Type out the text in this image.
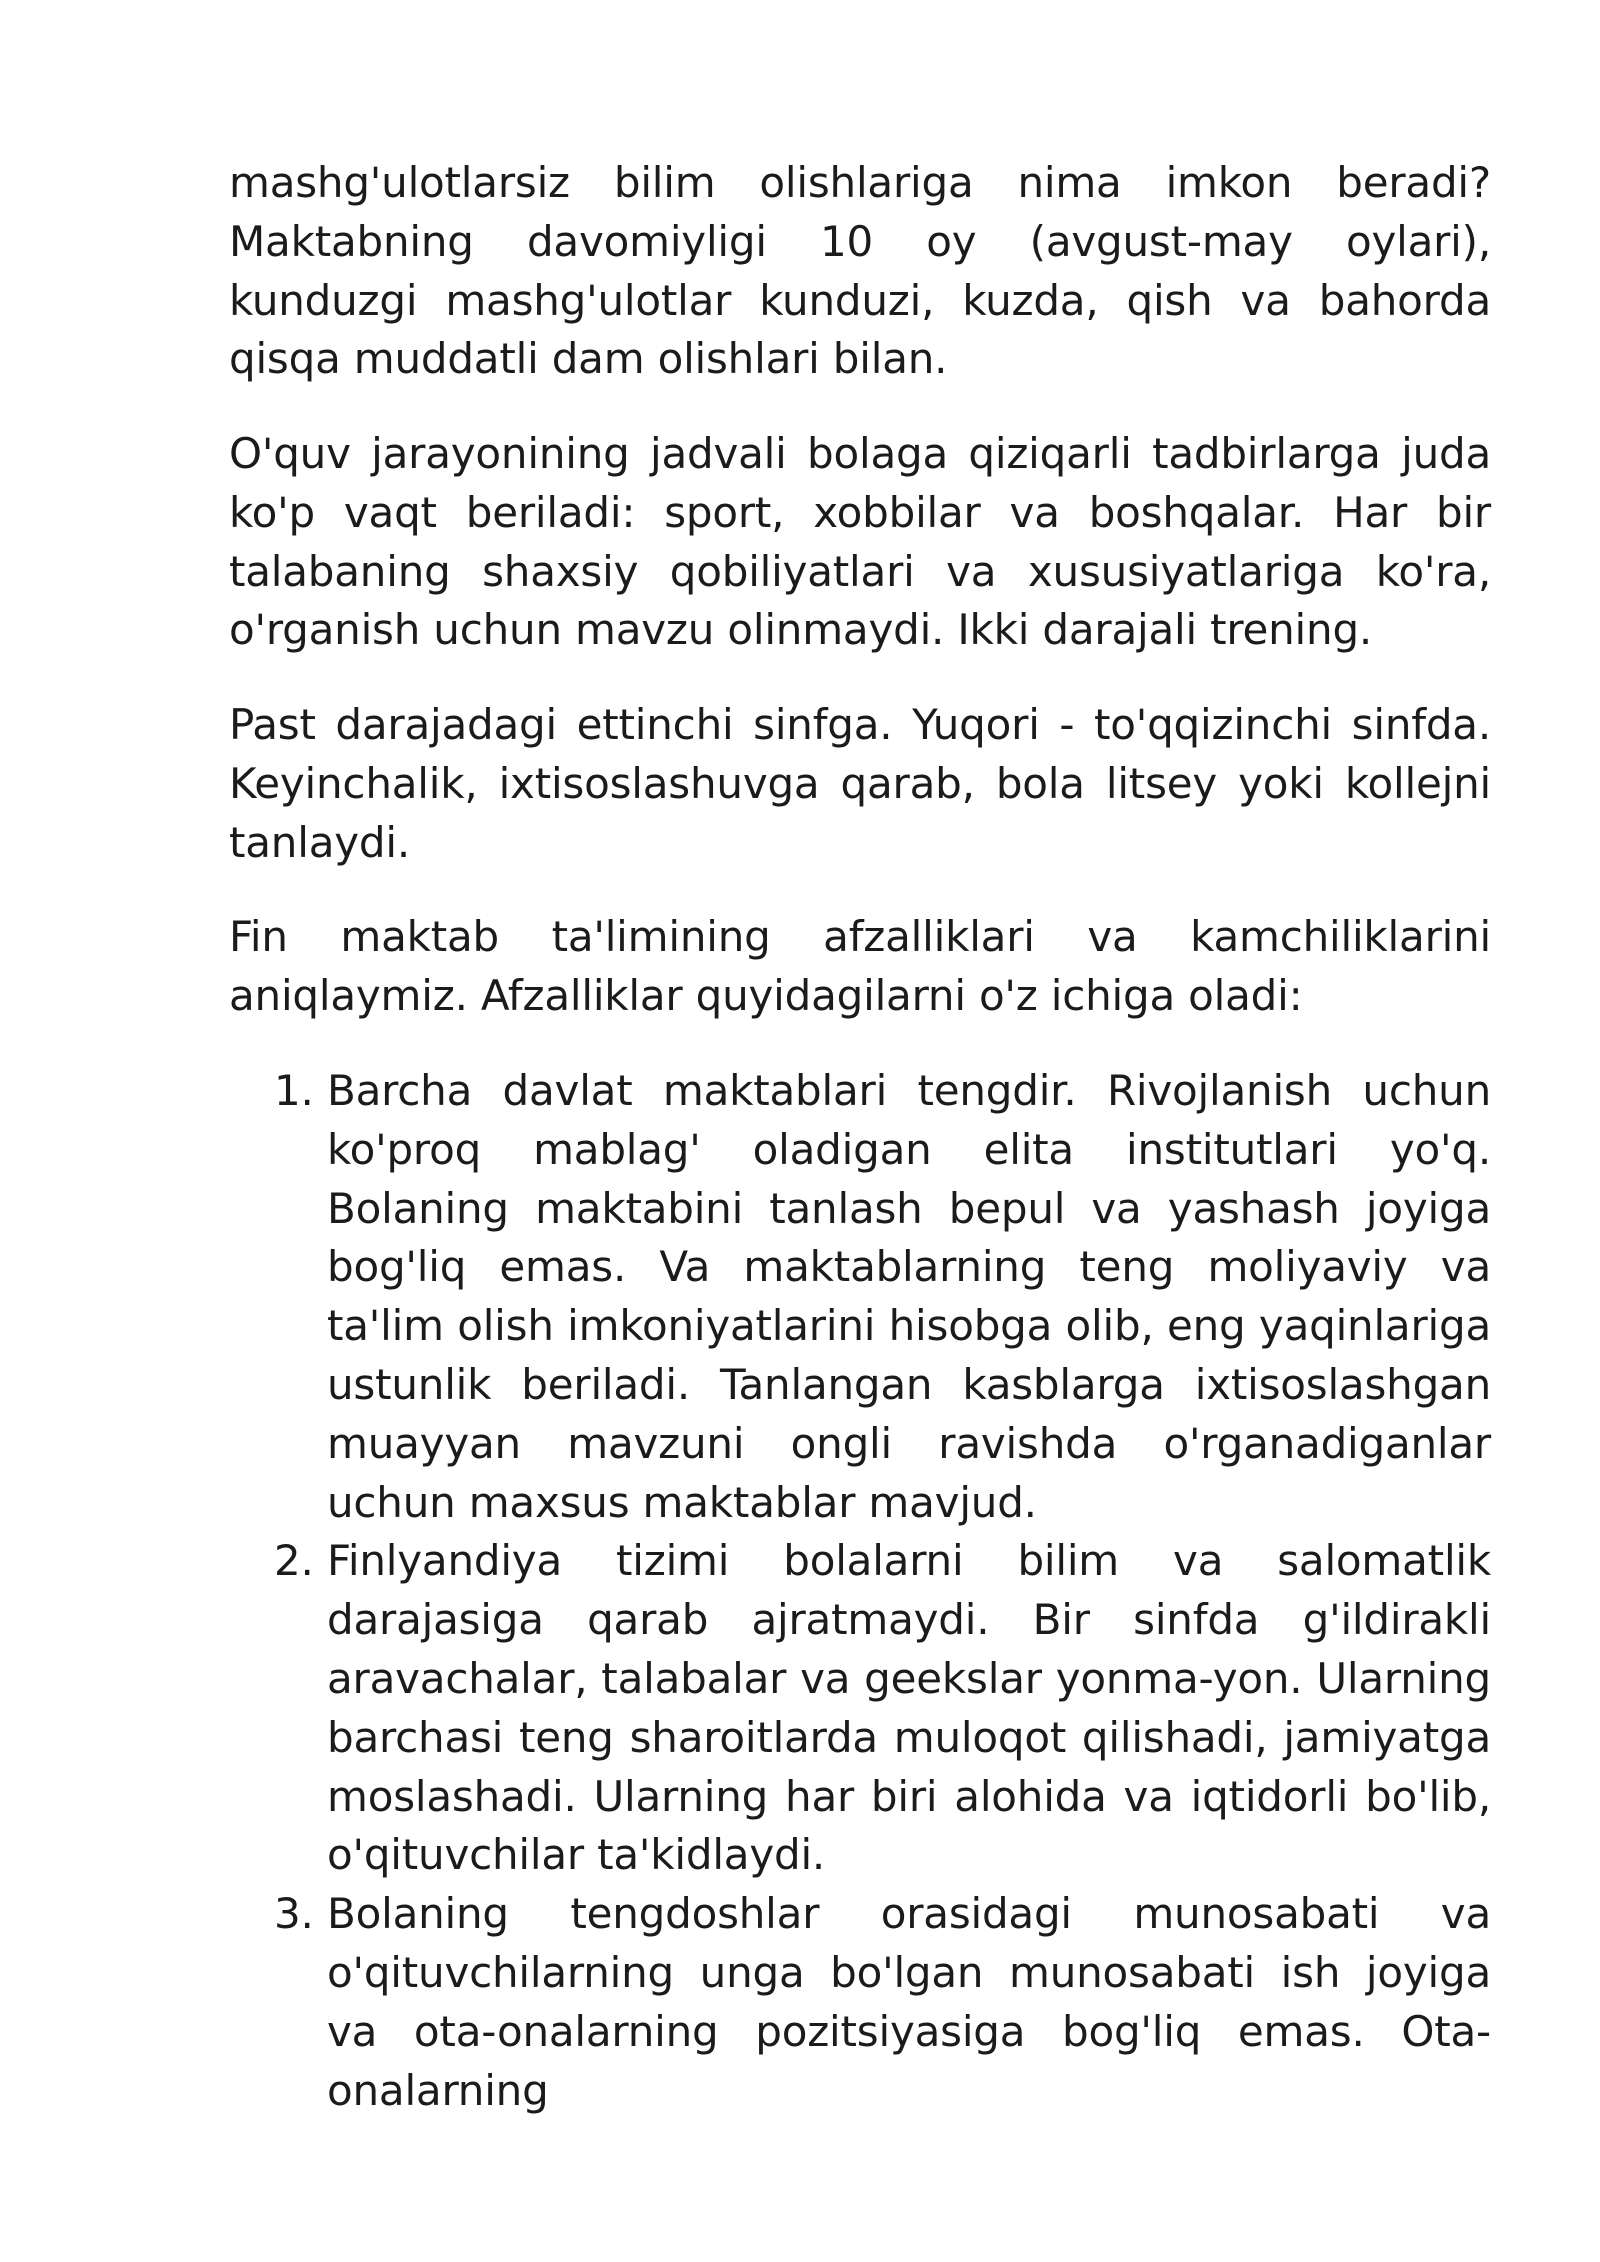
mashg'ulotlarsiz bilim olishlariga nima imkon beradi? Maktabning davomiyligi 10 oy (avgust-may oylari), kunduzgi mashg'ulotlar kunduzi, kuzda, qish va bahorda qisqa muddatli dam olishlari bilan.

O'quv jarayonining jadvali bolaga qiziqarli tadbirlarga juda ko'p vaqt beriladi: sport, xobbilar va boshqalar. Har bir talabaning shaxsiy qobiliyatlari va xususiyatlariga ko'ra, o'rganish uchun mavzu olinmaydi. Ikki darajali trening.

Past darajadagi ettinchi sinfga. Yuqori - to'qqizinchi sinfda. Keyinchalik, ixtisoslashuvga qarab, bola litsey yoki kollejni tanlaydi.

Fin maktab ta'limining afzalliklari va kamchiliklarini aniqlaymiz. Afzalliklar quyidagilarni o'z ichiga oladi:

1. Barcha davlat maktablari tengdir. Rivojlanish uchun ko'proq mablag' oladigan elita institutlari yo'q. Bolaning maktabini tanlash bepul va yashash joyiga bog'liq emas. Va maktablarning teng moliyaviy va ta'lim olish imkoniyatlarini hisobga olib, eng yaqinlariga ustunlik beriladi. Tanlangan kasblarga ixtisoslashgan muayyan mavzuni ongli ravishda o'rganadiganlar uchun maxsus maktablar mavjud.
2. Finlyandiya tizimi bolalarni bilim va salomatlik darajasiga qarab ajratmaydi. Bir sinfda g'ildirakli aravachalar, talabalar va geekslar yonma-yon. Ularning barchasi teng sharoitlarda muloqot qilishadi, jamiyatga moslashadi. Ularning har biri alohida va iqtidorli bo'lib, o'qituvchilar ta'kidlaydi.
3. Bolaning tengdoshlar orasidagi munosabati va o'qituvchilarning unga bo'lgan munosabati ish joyiga va ota-onalarning pozitsiyasiga bog'liq emas. Ota-onalarning
